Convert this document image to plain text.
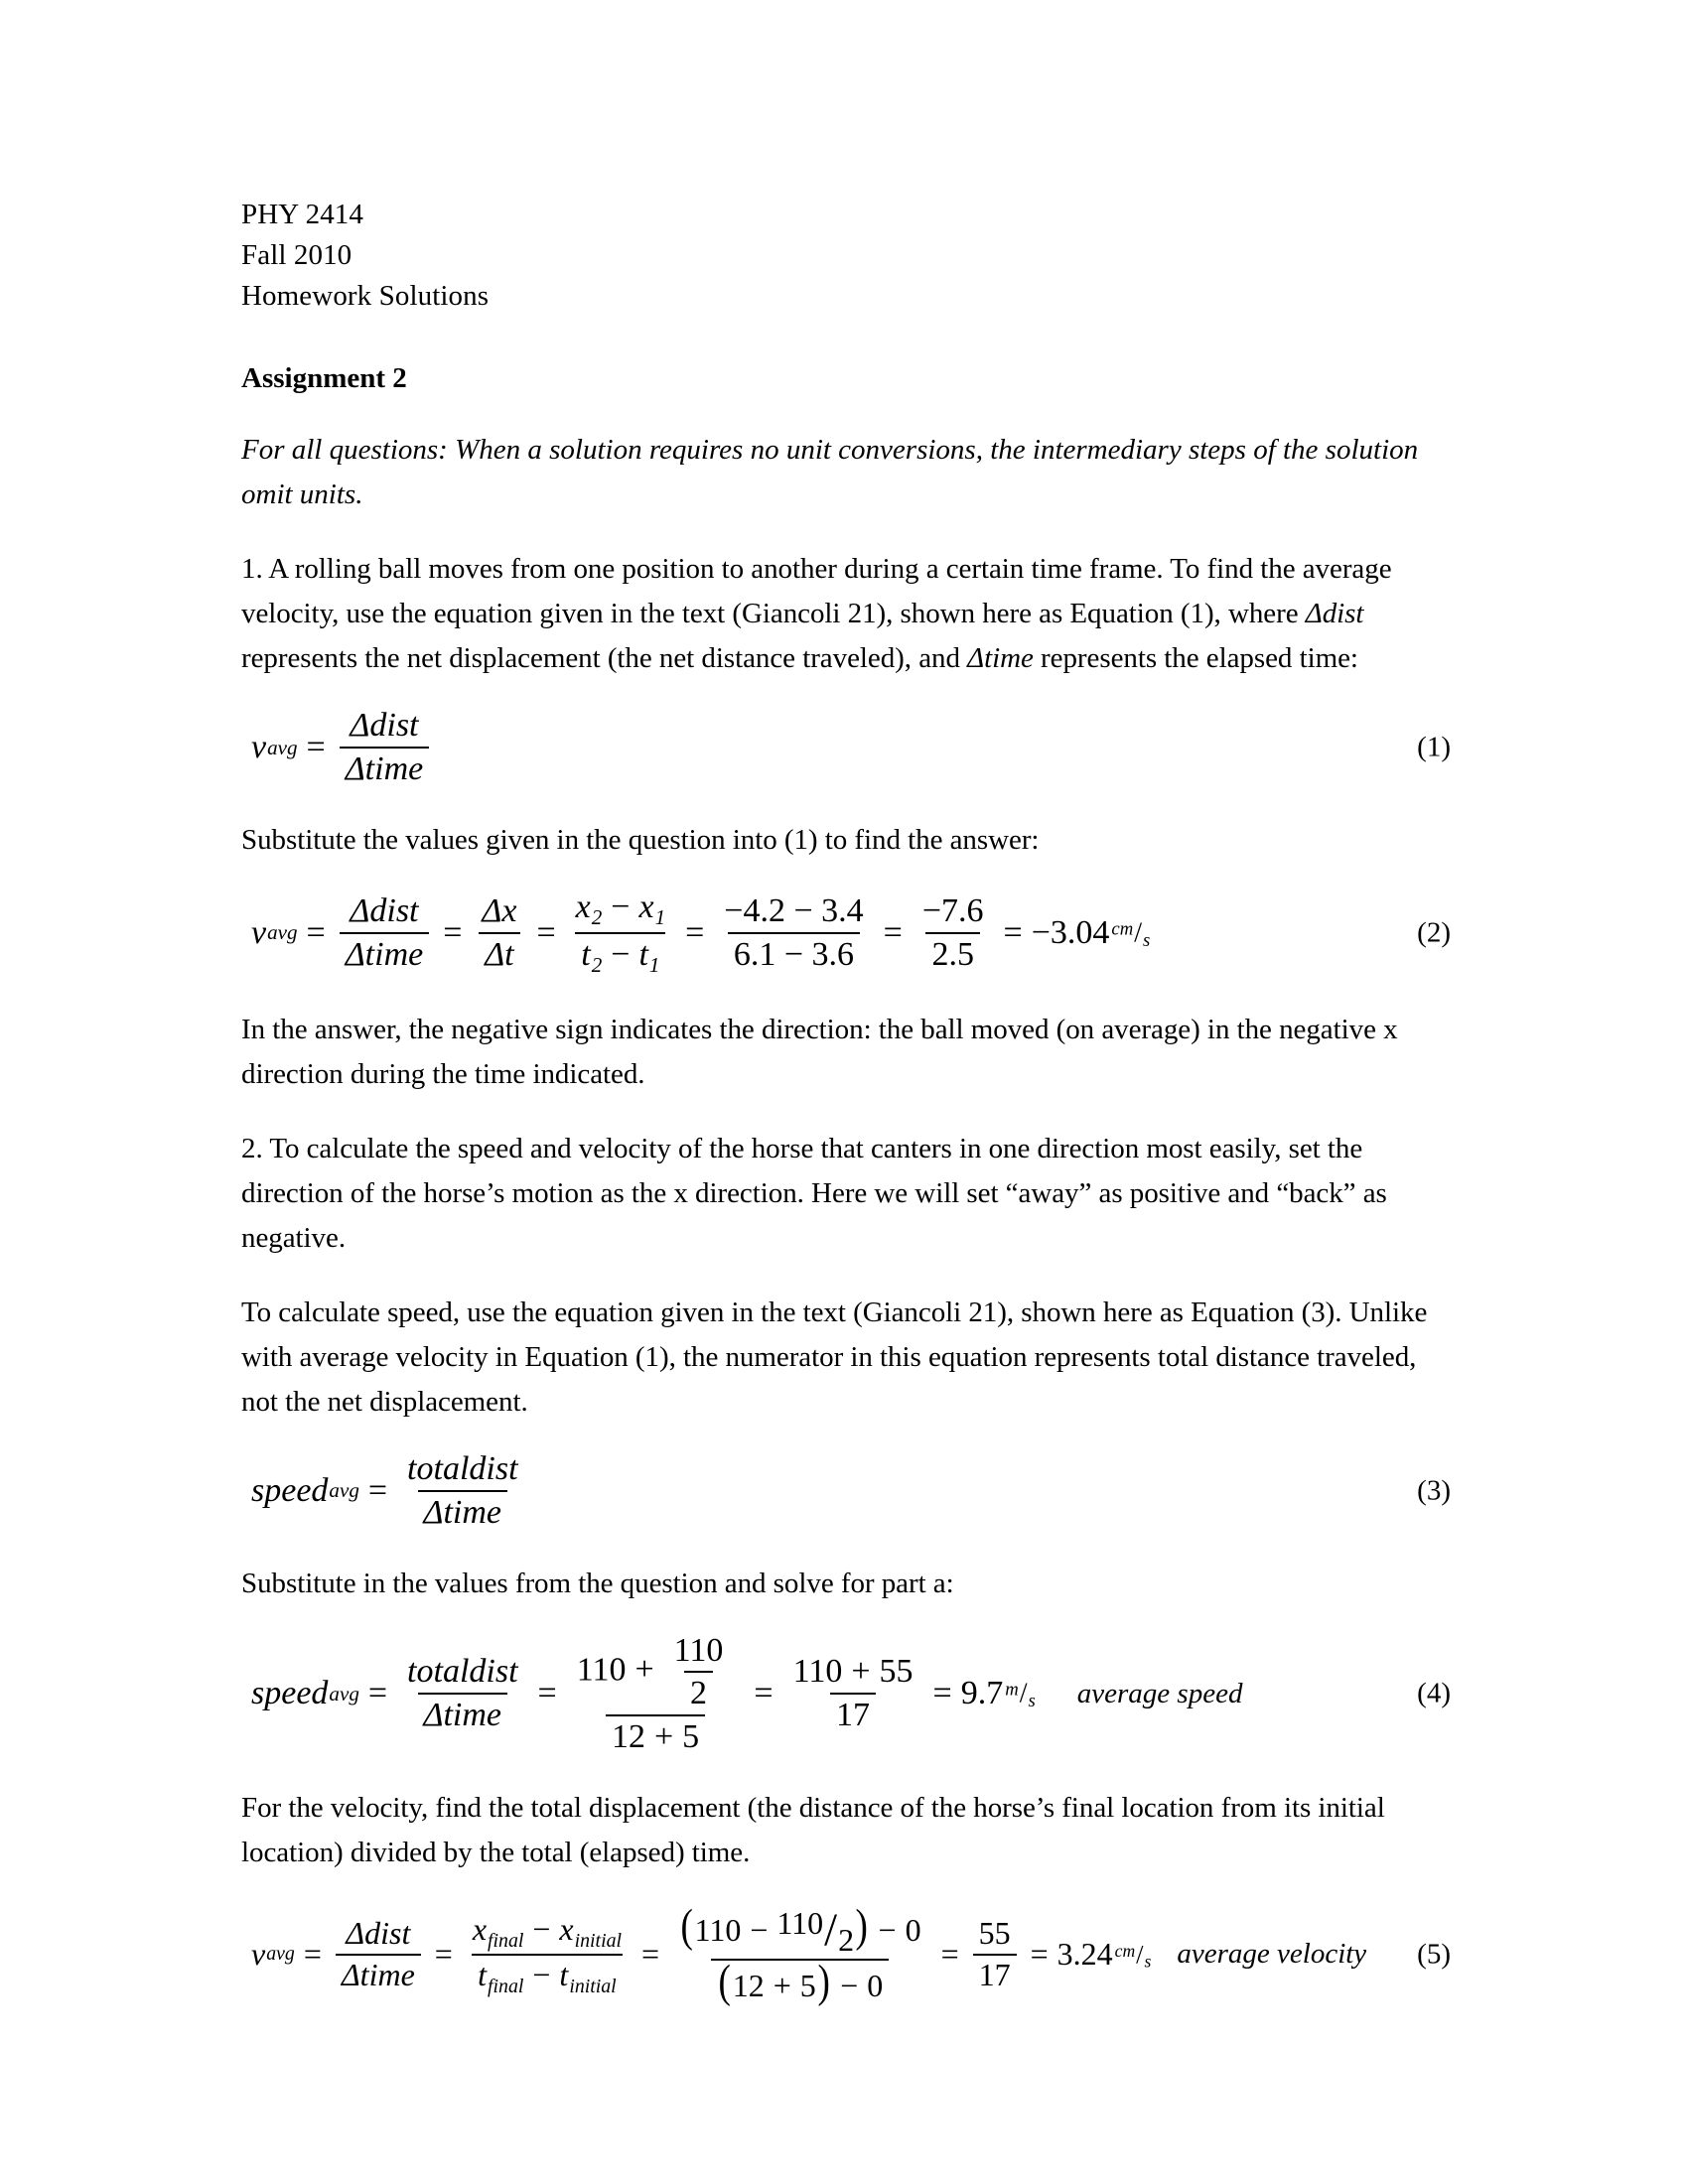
PHY 2414
Fall 2010
Homework Solutions
Assignment 2

For all questions: When a solution requires no unit conversions, the intermediary steps of the solution omit units.

1. A rolling ball moves from one position to another during a certain time frame. To find the average velocity, use the equation given in the text (Giancoli 21), shown here as Equation (1), where Δdist represents the net displacement (the net distance traveled), and Δtime represents the elapsed time:

v avg = $\frac{\text{Δdist}}{\text{Δtime}}$	(1)

Substitute the values given in the question into (1) to find the answer:

v avg = $\frac{\text{Δdist}}{\text{Δtime}} = \frac{\Delta x}{\Delta t} = \frac{x_2 - x_1}{t_2 - t_1} = \frac{-4.2 - 3.4}{6.1 - 3.6} = \frac{-7.6}{2.5} = -3.04$ cm / s	(2)

In the answer, the negative sign indicates the direction: the ball moved (on average) in the negative x direction during the time indicated.

2. To calculate the speed and velocity of the horse that canters in one direction most easily, set the direction of the horse’s motion as the x direction. Here we will set “away” as positive and “back” as negative.

To calculate speed, use the equation given in the text (Giancoli 21), shown here as Equation (3). Unlike with average velocity in Equation (1), the numerator in this equation represents total distance traveled, not the net displacement.

speed avg = $\frac{\text{totaldist}}{\text{Δtime}}$	(3)

Substitute in the values from the question and solve for part a:

speed avg = $\frac{\text{totaldist}}{\text{Δtime}} = \frac{110 + \frac{110}{2}}{12 + 5} = \frac{110 + 55}{17} = 9.7$ m / s	average speed	(4)

For the velocity, find the total displacement (the distance of the horse’s final location from its initial location) divided by the total (elapsed) time.

v avg = $\frac{\text{Δdist}}{\text{Δtime}} = \frac{x_{final} - x_{initial}}{t_{final} - t_{initial}} = \frac{(110 - 110 / 2 ) - 0}{(12 + 5) - 0} = \frac{55}{17} = 3.24$ cm / s average velocity (5)
